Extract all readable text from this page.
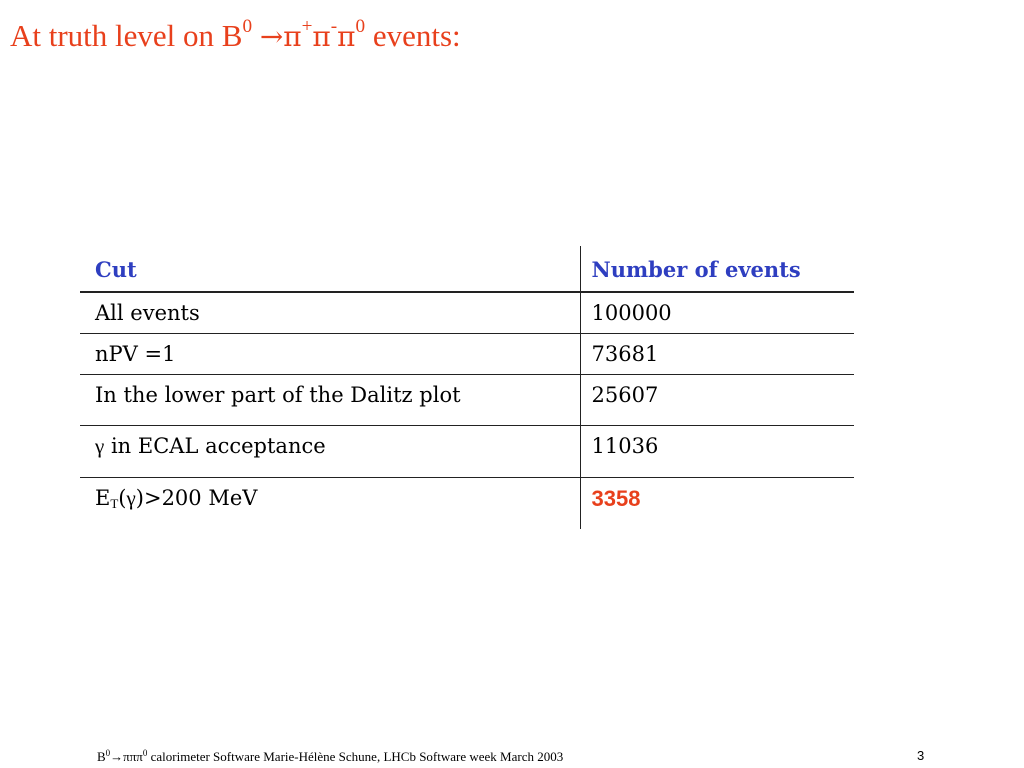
At truth level on $B^0 \to\pi^+\pi^-\pi^0$ events:
Cut	Number of events
All events	100000
nPV =1	73681
In the lower part of the Dalitz plot	25607
γ in ECAL acceptance	11036
ET(γ)>200 MeV	3358
$B^0\to\pi\pi\pi^0$ calorimeter Software Marie-Hélène Schune, LHCb Software week March 2003	3
